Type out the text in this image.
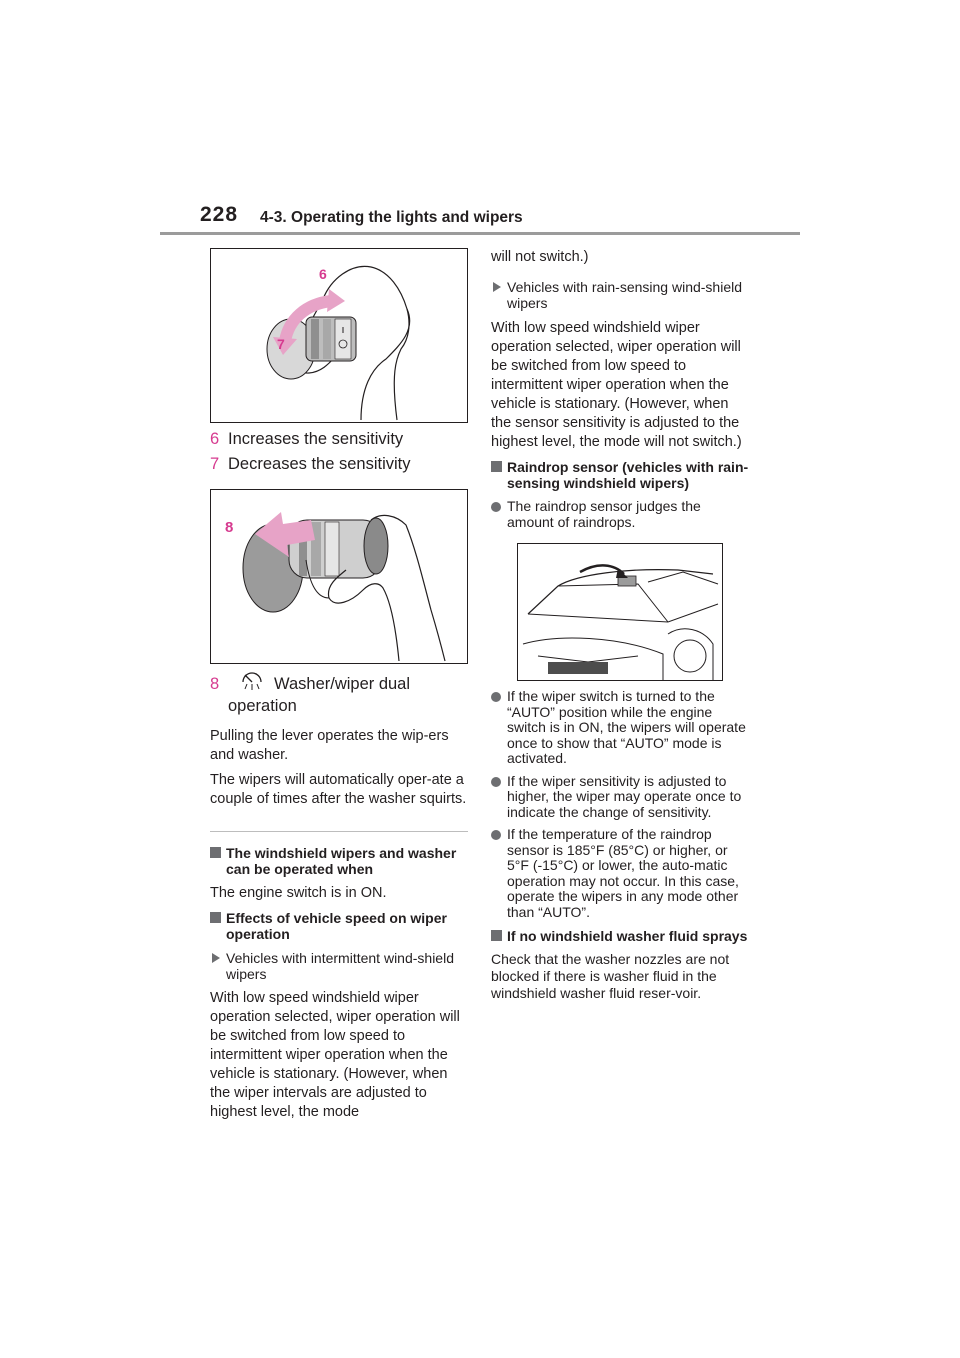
228 4-3. Operating the lights and wipers
6
7

6 Increases the sensitivity

7 Decreases the sensitivity

8

8	Washer/wiper dual

operation

Pulling the lever operates the wip-ers and washer.

The wipers will automatically oper-ate a couple of times after the washer squirts.

The windshield wipers and washer can be operated when

The engine switch is in ON.

Effects of vehicle speed on wiper operation

Vehicles with intermittent wind-shield wipers

With low speed windshield wiper operation selected, wiper operation will be switched from low speed to intermittent wiper operation when the vehicle is stationary. (However, when the wiper intervals are adjusted to highest level, the mode

will not switch.)

Vehicles with rain-sensing wind-shield wipers

With low speed windshield wiper operation selected, wiper operation will be switched from low speed to intermittent wiper operation when the vehicle is stationary. (However, when the sensor sensitivity is adjusted to the highest level, the mode will not switch.)

Raindrop sensor (vehicles with rain-sensing windshield wipers)

The raindrop sensor judges the amount of raindrops.

If the wiper switch is turned to the “AUTO” position while the engine switch is in ON, the wipers will operate once to show that “AUTO” mode is activated.

If the wiper sensitivity is adjusted to higher, the wiper may operate once to indicate the change of sensitivity.

If the temperature of the raindrop sensor is 185°F (85°C) or higher, or 5°F (-15°C) or lower, the auto-matic operation may not occur. In this case, operate the wipers in any mode other than “AUTO”.

If no windshield washer fluid sprays

Check that the washer nozzles are not blocked if there is washer fluid in the windshield washer fluid reser-voir.
